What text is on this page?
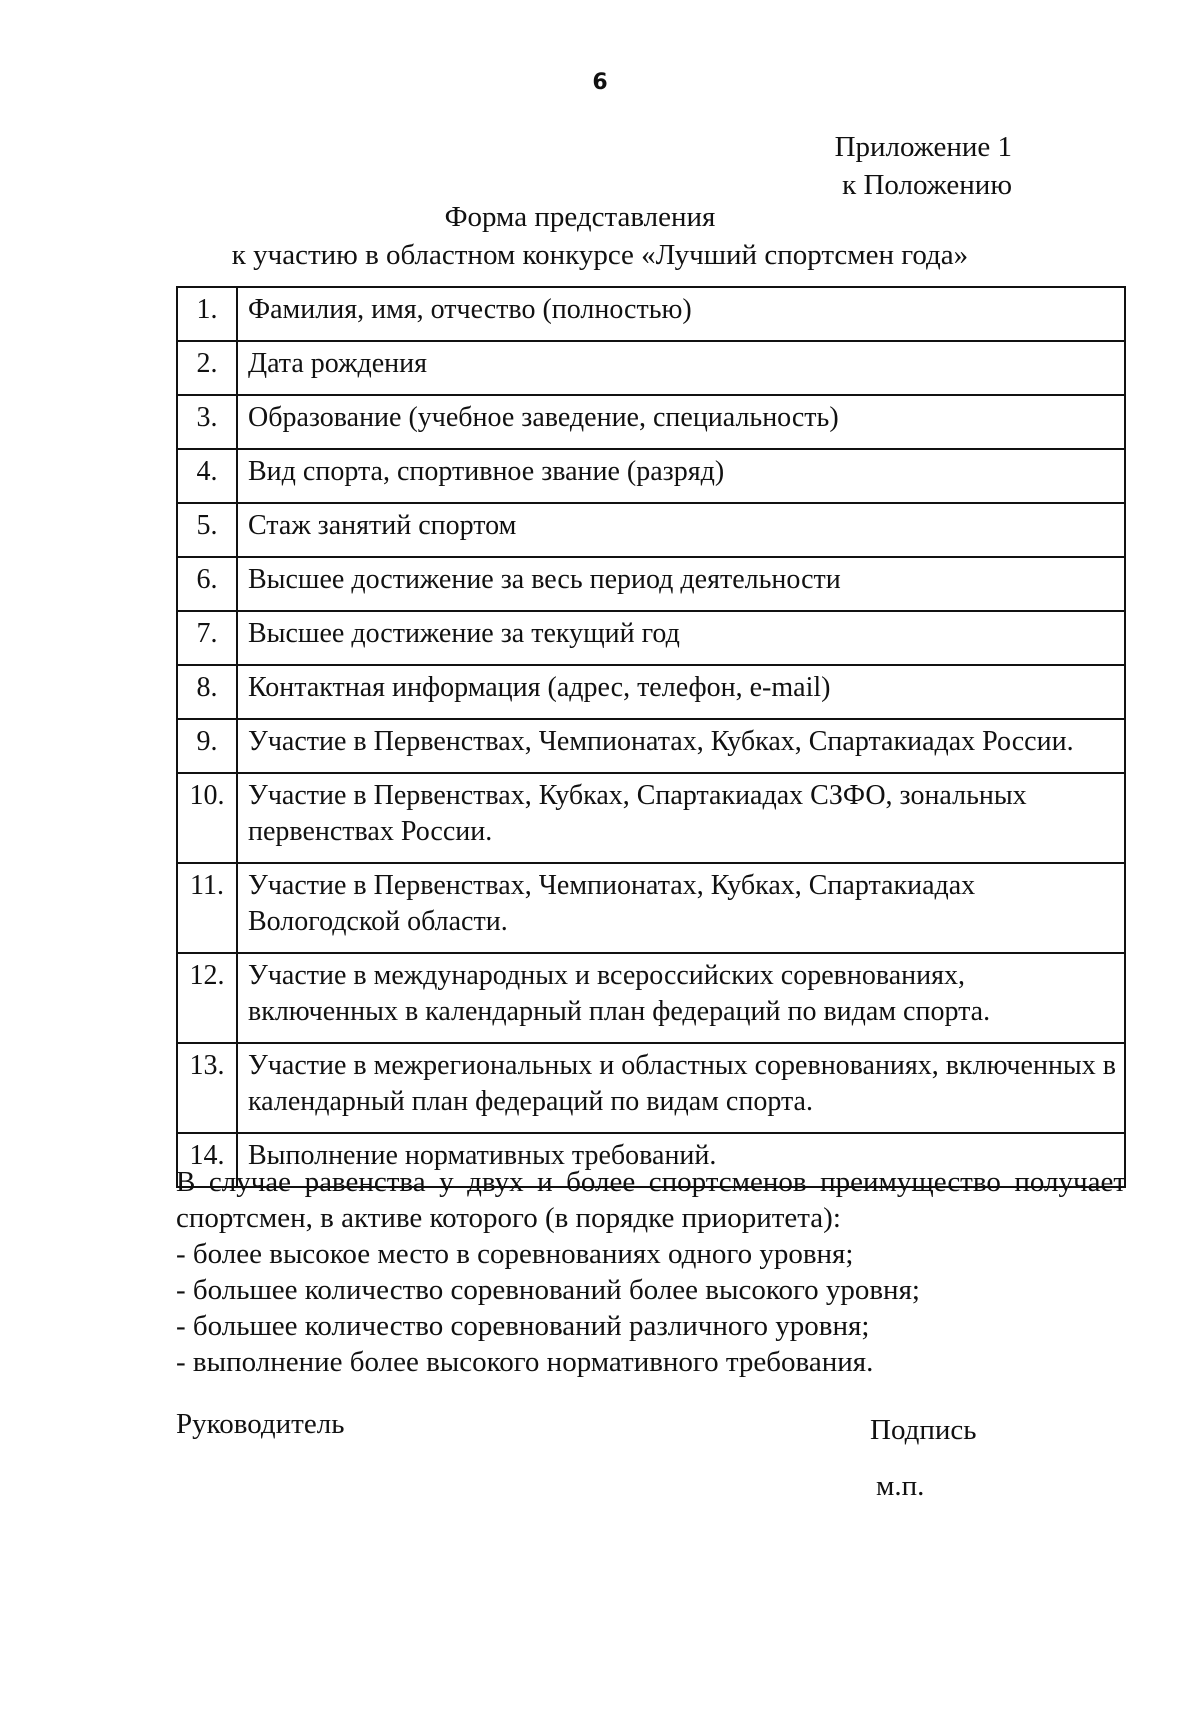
6
Приложение 1
к Положению
Форма представления
к участию в областном конкурсе «Лучший спортсмен года»
1.	Фамилия, имя, отчество (полностью)
2.	Дата рождения
3.	Образование (учебное заведение, специальность)
4.	Вид спорта, спортивное звание (разряд)
5.	Стаж занятий спортом
6.	Высшее достижение за весь период деятельности
7.	Высшее достижение за текущий год
8.	Контактная информация (адрес, телефон, e-mail)
9.	Участие в Первенствах, Чемпионатах, Кубках, Спартакиадах России.
10.	Участие в Первенствах, Кубках, Спартакиадах СЗФО, зональных первенствах России.
11.	Участие в Первенствах, Чемпионатах, Кубках, Спартакиадах Вологодской области.
12.	Участие в международных и всероссийских соревнованиях, включенных в календарный план федераций по видам спорта.
13.	Участие в межрегиональных и областных соревнованиях, включенных в календарный план федераций по видам спорта.
14.	Выполнение нормативных требований.

В случае равенства у двух и более спортсменов преимущество получает спортсмен, в активе которого (в порядке приоритета):

- более высокое место в соревнованиях одного уровня;

- большее количество соревнований более высокого уровня;

- большее количество соревнований различного уровня;

- выполнение более высокого нормативного требования.

Руководитель	Подпись
м.п.
